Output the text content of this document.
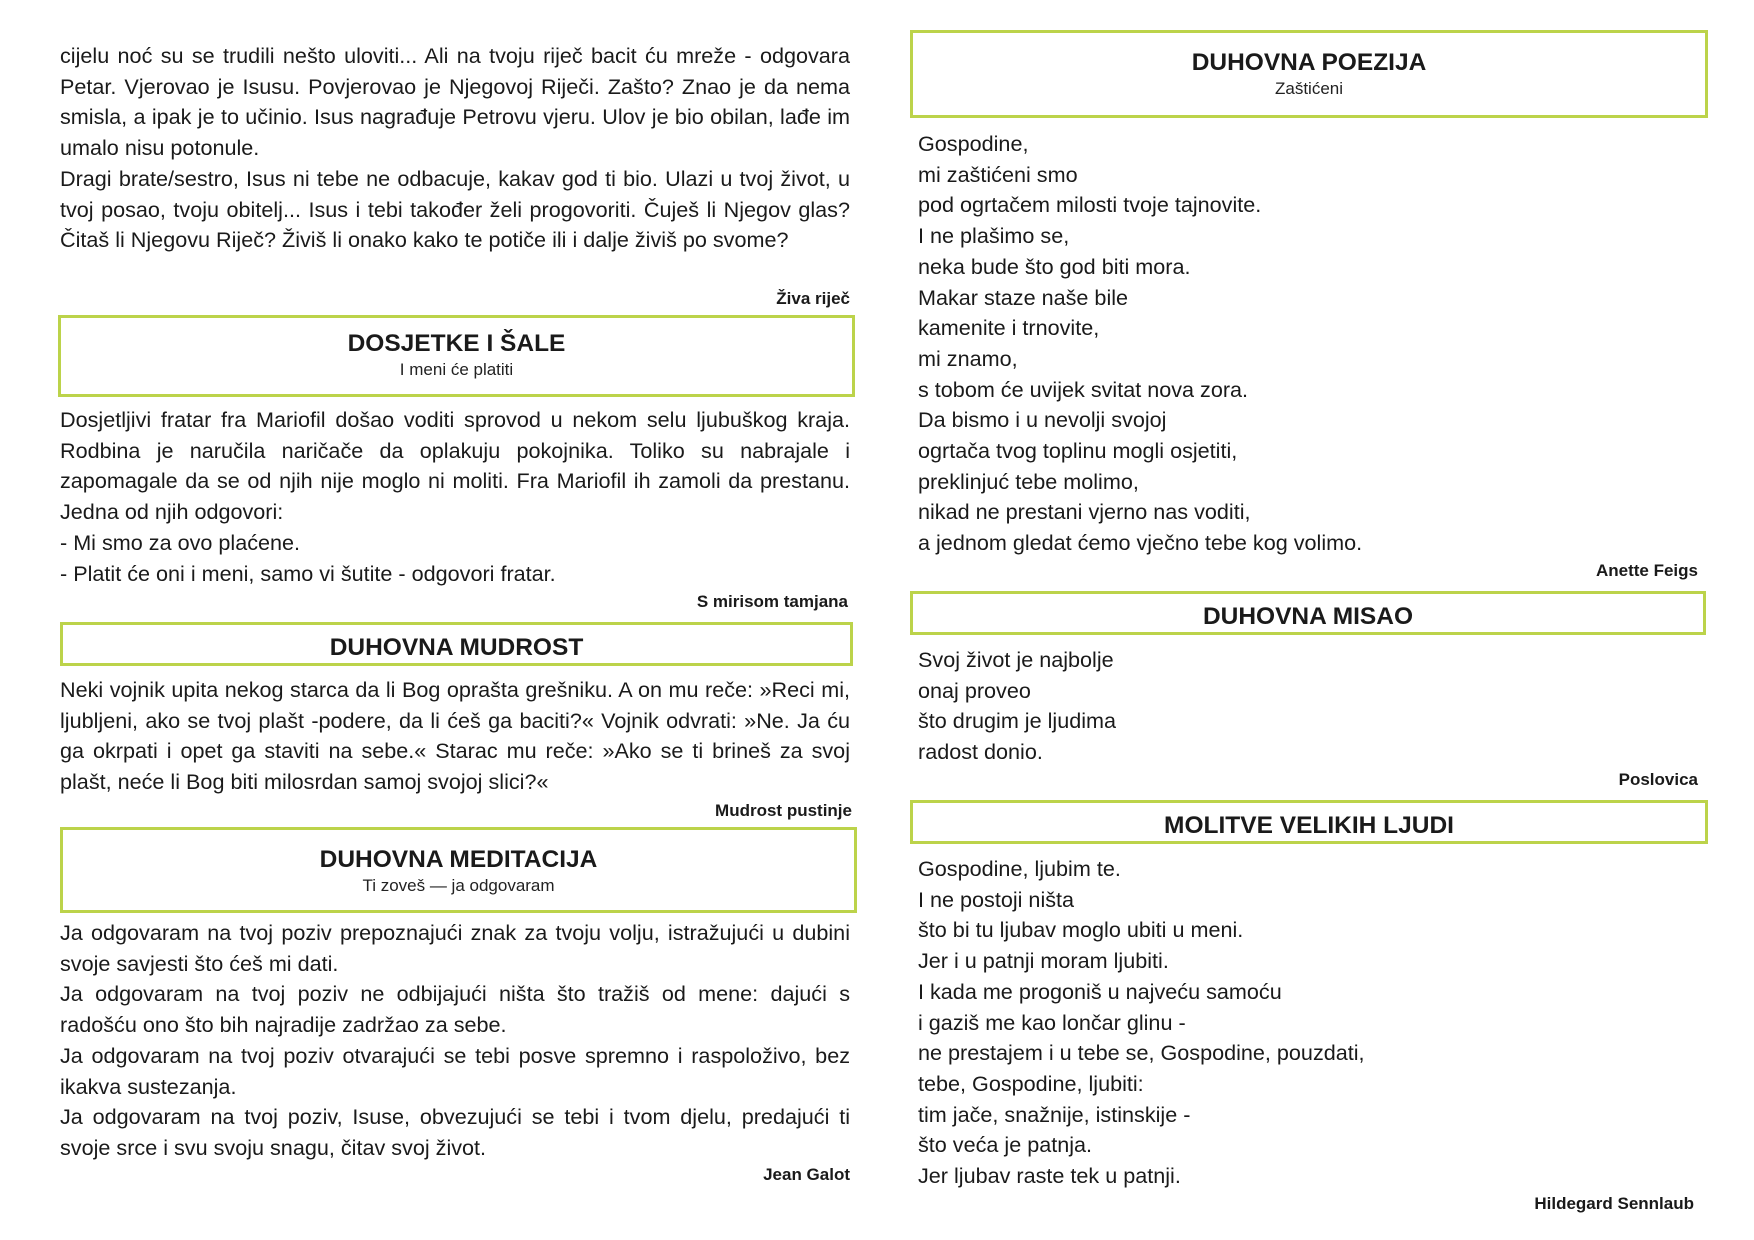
cijelu noć su se trudili nešto uloviti... Ali na tvoju riječ bacit ću mreže - odgovara Petar. Vjerovao je Isusu. Povjerovao je Njegovoj Riječi. Zašto? Znao je da nema smisla, a ipak je to učinio. Isus nagrađuje Petrovu vjeru. Ulov je bio obilan, lađe im umalo nisu potonule.

Dragi brate/sestro, Isus ni tebe ne odbacuje, kakav god ti bio. Ulazi u tvoj život, u tvoj posao, tvoju obitelj... Isus i tebi također želi progovoriti. Čuješ li Njegov glas? Čitaš li Njegovu Riječ? Živiš li onako kako te potiče ili i dalje živiš po svome?

Živa riječ

DOSJETKE I ŠALE
I meni će platiti

Dosjetljivi fratar fra Mariofil došao voditi sprovod u nekom selu ljubuškog kraja. Rodbina je naručila naričače da oplakuju pokojnika. Toliko su nabrajale i zapomagale da se od njih nije moglo ni moliti. Fra Mariofil ih zamoli da prestanu. Jedna od njih odgovori:

- Mi smo za ovo plaćene.

- Platit će oni i meni, samo vi šutite - odgovori fratar.

S mirisom tamjana

DUHOVNA MUDROST

Neki vojnik upita nekog starca da li Bog oprašta grešniku. A on mu reče: »Reci mi, ljubljeni, ako se tvoj plašt -podere, da li ćeš ga baciti?« Vojnik odvrati: »Ne. Ja ću ga okrpati i opet ga staviti na sebe.« Starac mu reče: »Ako se ti brineš za svoj plašt, neće li Bog biti milosrdan samoj svojoj slici?«

Mudrost pustinje

DUHOVNA MEDITACIJA
Ti zoveš — ja odgovaram

Ja odgovaram na tvoj poziv prepoznajući znak za tvoju volju, istražujući u dubini svoje savjesti što ćeš mi dati.

Ja odgovaram na tvoj poziv ne odbijajući ništa što tražiš od mene: dajući s radošću ono što bih najradije zadržao za sebe.

Ja odgovaram na tvoj poziv otvarajući se tebi posve spremno i raspoloživo, bez ikakva sustezanja.

Ja odgovaram na tvoj poziv, Isuse, obvezujući se tebi i tvom djelu, predajući ti svoje srce i svu svoju snagu, čitav svoj život.

Jean Galot

DUHOVNA POEZIJA
Zaštićeni

Gospodine,

mi zaštićeni smo

pod ogrtačem milosti tvoje tajnovite.

I ne plašimo se,

neka bude što god biti mora.

Makar staze naše bile

kamenite i trnovite,

mi znamo,

s tobom će uvijek svitat nova zora.

Da bismo i u nevolji svojoj

ogrtača tvog toplinu mogli osjetiti,

preklinjuć tebe molimo,

nikad ne prestani vjerno nas voditi,

a jednom gledat ćemo vječno tebe kog volimo.

Anette Feigs

DUHOVNA MISAO

Svoj život je najbolje

onaj proveo

što drugim je ljudima

radost donio.

Poslovica

MOLITVE VELIKIH LJUDI

Gospodine, ljubim te.

I ne postoji ništa

što bi tu ljubav moglo ubiti u meni.

Jer i u patnji moram ljubiti.

I kada me progoniš u najveću samoću

i gaziš me kao lončar glinu -

ne prestajem i u tebe se, Gospodine, pouzdati,

tebe, Gospodine, ljubiti:

tim jače, snažnije, istinskije -

što veća je patnja.

Jer ljubav raste tek u patnji.

Hildegard Sennlaub
